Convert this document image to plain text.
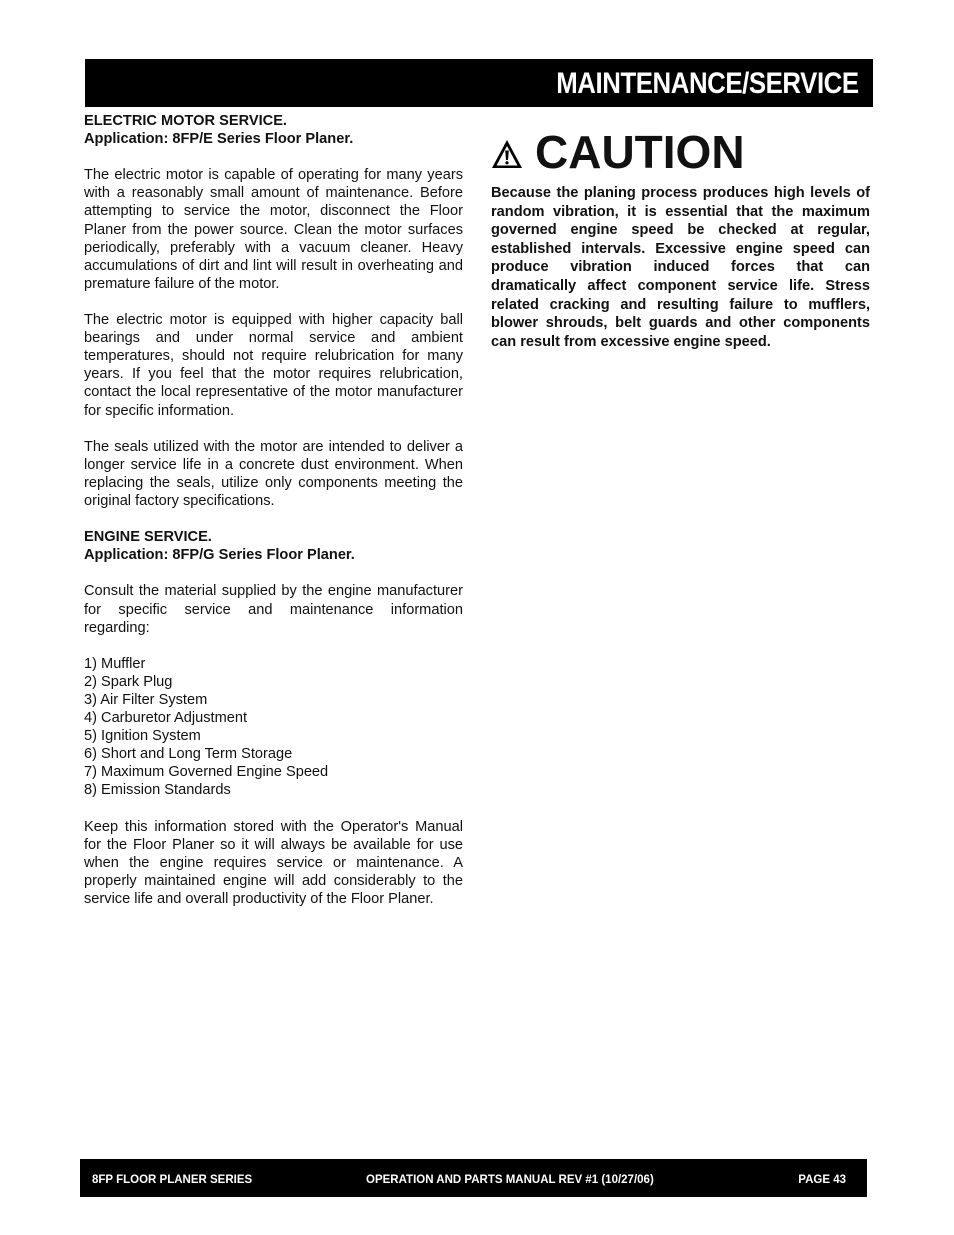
MAINTENANCE/SERVICE
ELECTRIC MOTOR SERVICE.
Application: 8FP/E Series Floor Planer.

The electric motor is capable of operating for many years with a reasonably small amount of maintenance. Before attempting to service the motor, disconnect the Floor Planer from the power source. Clean the motor surfaces periodically, preferably with a vacuum cleaner. Heavy accumulations of dirt and lint will result in overheating and premature failure of the motor.

The electric motor is equipped with higher capacity ball bearings and under normal service and ambient temperatures, should not require relubrication for many years. If you feel that the motor requires relubrication, contact the local representative of the motor manufacturer for specific information.

The seals utilized with the motor are intended to deliver a longer service life in a concrete dust environment. When replacing the seals, utilize only components meeting the original factory specifications.

ENGINE SERVICE.
Application: 8FP/G Series Floor Planer.

Consult the material supplied by the engine manufacturer for specific service and maintenance information regarding:

1) Muffler
2) Spark Plug
3) Air Filter System
4) Carburetor Adjustment
5) Ignition System
6) Short and Long Term Storage
7) Maximum Governed Engine Speed
8) Emission Standards

Keep this information stored with the Operator's Manual for the Floor Planer so it will always be available for use when the engine requires service or maintenance. A properly maintained engine will add considerably to the service life and overall productivity of the Floor Planer.

CAUTION

Because the planing process produces high levels of random vibration, it is essential that the maximum governed engine speed be checked at regular, established intervals. Excessive engine speed can produce vibration induced forces that can dramatically affect component service life. Stress related cracking and resulting failure to mufflers, blower shrouds, belt guards and other components can result from excessive engine speed.

8FP FLOOR PLANER SERIES	OPERATION AND PARTS MANUAL REV #1 (10/27/06)	PAGE 43
